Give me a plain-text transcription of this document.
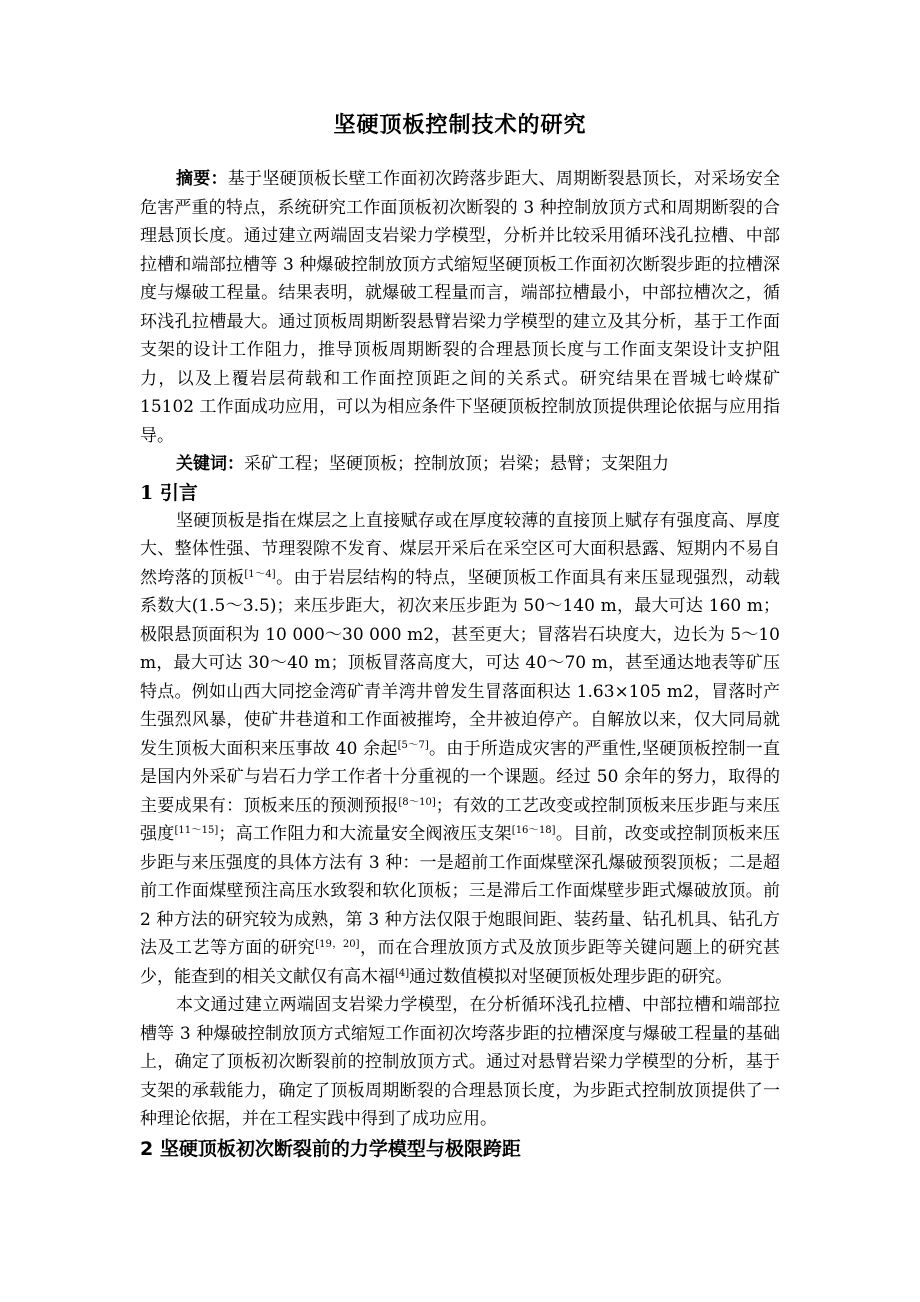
坚硬顶板控制技术的研究

摘要：基于坚硬顶板长壁工作面初次跨落步距大、周期断裂悬顶长，对采场安全危害严重的特点，系统研究工作面顶板初次断裂的 3 种控制放顶方式和周期断裂的合理悬顶长度。通过建立两端固支岩梁力学模型，分析并比较采用循环浅孔拉槽、中部拉槽和端部拉槽等 3 种爆破控制放顶方式缩短坚硬顶板工作面初次断裂步距的拉槽深度与爆破工程量。结果表明，就爆破工程量而言，端部拉槽最小，中部拉槽次之，循环浅孔拉槽最大。通过顶板周期断裂悬臂岩梁力学模型的建立及其分析，基于工作面支架的设计工作阻力，推导顶板周期断裂的合理悬顶长度与工作面支架设计支护阻力，以及上覆岩层荷载和工作面控顶距之间的关系式。研究结果在晋城七岭煤矿 15102 工作面成功应用，可以为相应条件下坚硬顶板控制放顶提供理论依据与应用指导。

关键词：采矿工程；坚硬顶板；控制放顶；岩梁；悬臂；支架阻力

1 引言

坚硬顶板是指在煤层之上直接赋存或在厚度较薄的直接顶上赋存有强度高、厚度大、整体性强、节理裂隙不发育、煤层开采后在采空区可大面积悬露、短期内不易自然垮落的顶板[1～4]。由于岩层结构的特点，坚硬顶板工作面具有来压显现强烈，动载系数大(1.5～3.5)；来压步距大，初次来压步距为 50～140 m，最大可达 160 m；极限悬顶面积为 10 000～30 000 m2，甚至更大；冒落岩石块度大，边长为 5～10 m，最大可达 30～40 m；顶板冒落高度大，可达 40～70 m，甚至通达地表等矿压特点。例如山西大同挖金湾矿青羊湾井曾发生冒落面积达 1.63×105 m2，冒落时产生强烈风暴，使矿井巷道和工作面被摧垮，全井被迫停产。自解放以来，仅大同局就发生顶板大面积来压事故 40 余起[5～7]。由于所造成灾害的严重性,坚硬顶板控制一直是国内外采矿与岩石力学工作者十分重视的一个课题。经过 50 余年的努力，取得的主要成果有：顶板来压的预测预报[8～10]；有效的工艺改变或控制顶板来压步距与来压强度[11～15]；高工作阻力和大流量安全阀液压支架[16～18]。目前，改变或控制顶板来压步距与来压强度的具体方法有 3 种：一是超前工作面煤壁深孔爆破预裂顶板；二是超前工作面煤壁预注高压水致裂和软化顶板；三是滞后工作面煤壁步距式爆破放顶。前 2 种方法的研究较为成熟，第 3 种方法仅限于炮眼间距、装药量、钻孔机具、钻孔方法及工艺等方面的研究[19，20]，而在合理放顶方式及放顶步距等关键问题上的研究甚少，能查到的相关文献仅有高木福[4]通过数值模拟对坚硬顶板处理步距的研究。

本文通过建立两端固支岩梁力学模型，在分析循环浅孔拉槽、中部拉槽和端部拉槽等 3 种爆破控制放顶方式缩短工作面初次垮落步距的拉槽深度与爆破工程量的基础上，确定了顶板初次断裂前的控制放顶方式。通过对悬臂岩梁力学模型的分析，基于支架的承载能力，确定了顶板周期断裂的合理悬顶长度，为步距式控制放顶提供了一种理论依据，并在工程实践中得到了成功应用。

2 坚硬顶板初次断裂前的力学模型与极限跨距
